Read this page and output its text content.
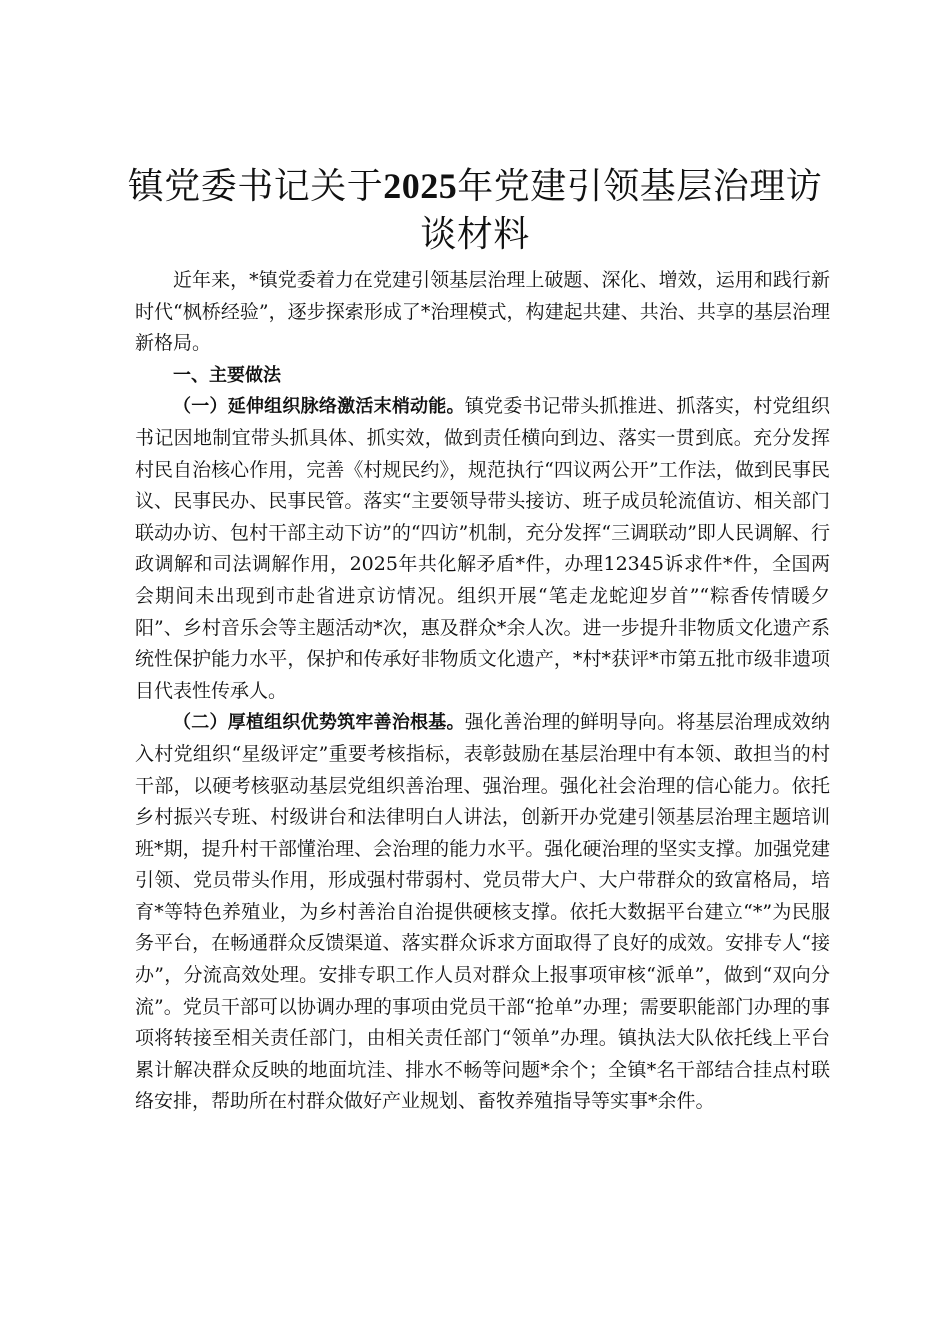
镇党委书记关于2025年党建引领基层治理访谈材料

近年来，*镇党委着力在党建引领基层治理上破题、深化、增效，运用和践行新时代“枫桥经验”，逐步探索形成了*治理模式，构建起共建、共治、共享的基层治理新格局。

一、主要做法

（一）延伸组织脉络激活末梢动能。镇党委书记带头抓推进、抓落实，村党组织书记因地制宜带头抓具体、抓实效，做到责任横向到边、落实一贯到底。充分发挥村民自治核心作用，完善《村规民约》，规范执行“四议两公开”工作法，做到民事民议、民事民办、民事民管。落实“主要领导带头接访、班子成员轮流值访、相关部门联动办访、包村干部主动下访”的“四访”机制，充分发挥“三调联动”即人民调解、行政调解和司法调解作用，2025年共化解矛盾*件，办理12345诉求件*件，全国两会期间未出现到市赴省进京访情况。组织开展“笔走龙蛇迎岁首”“粽香传情暖夕阳”、乡村音乐会等主题活动*次，惠及群众*余人次。进一步提升非物质文化遗产系统性保护能力水平，保护和传承好非物质文化遗产，*村*获评*市第五批市级非遗项目代表性传承人。

（二）厚植组织优势筑牢善治根基。强化善治理的鲜明导向。将基层治理成效纳入村党组织“星级评定”重要考核指标，表彰鼓励在基层治理中有本领、敢担当的村干部，以硬考核驱动基层党组织善治理、强治理。强化社会治理的信心能力。依托乡村振兴专班、村级讲台和法律明白人讲法，创新开办党建引领基层治理主题培训班*期，提升村干部懂治理、会治理的能力水平。强化硬治理的坚实支撑。加强党建引领、党员带头作用，形成强村带弱村、党员带大户、大户带群众的致富格局，培育*等特色养殖业，为乡村善治自治提供硬核支撑。依托大数据平台建立“*”为民服务平台，在畅通群众反馈渠道、落实群众诉求方面取得了良好的成效。安排专人“接办”，分流高效处理。安排专职工作人员对群众上报事项审核“派单”，做到“双向分流”。党员干部可以协调办理的事项由党员干部“抢单”办理；需要职能部门办理的事项将转接至相关责任部门，由相关责任部门“领单”办理。镇执法大队依托线上平台累计解决群众反映的地面坑洼、排水不畅等问题*余个；全镇*名干部结合挂点村联络安排，帮助所在村群众做好产业规划、畜牧养殖指导等实事*余件。
